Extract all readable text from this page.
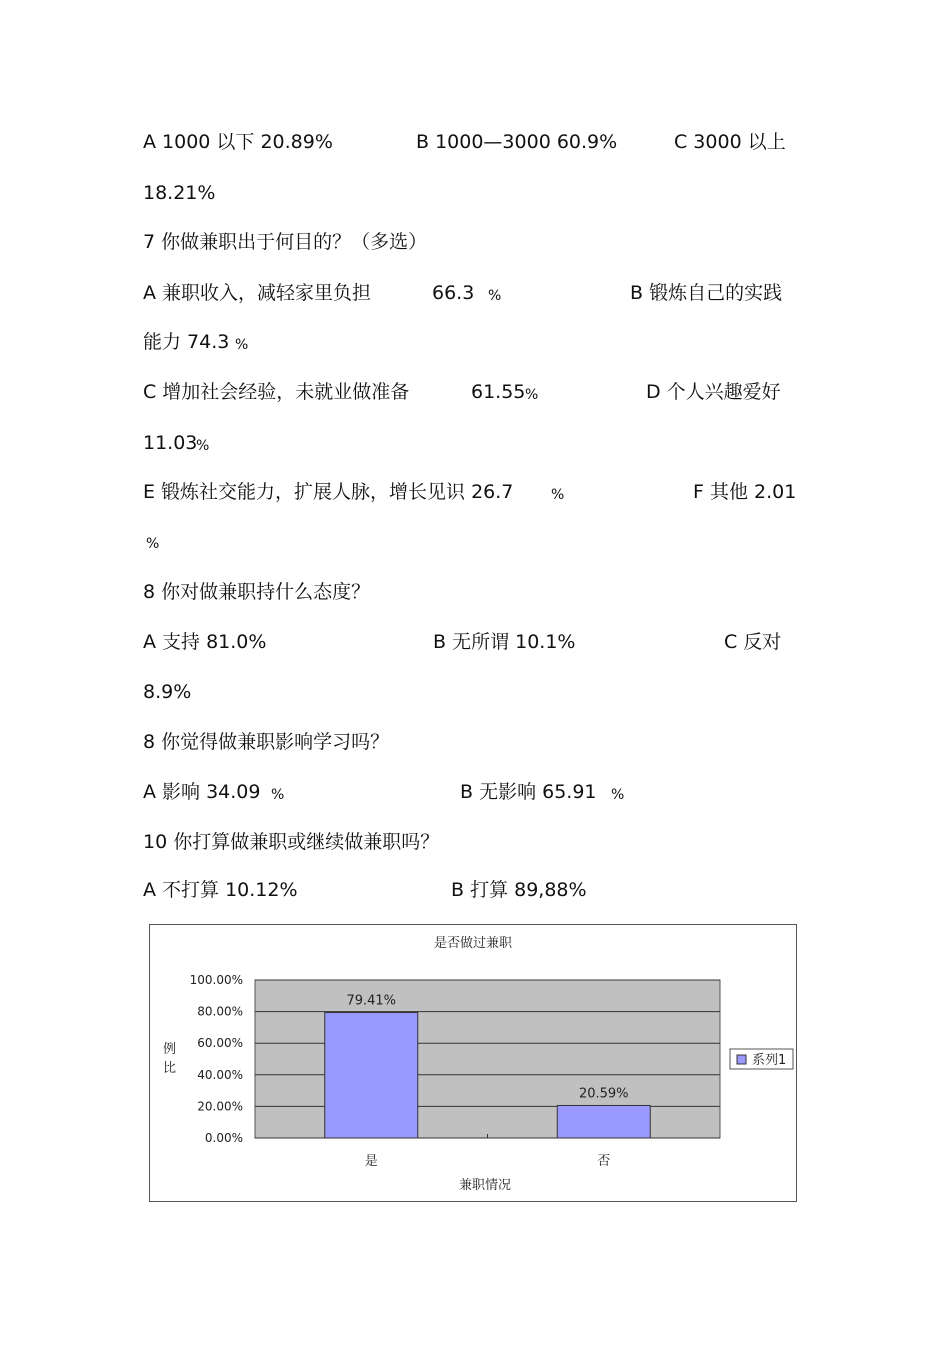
A 1000 以下 20.89%	B 1000—3000 60.9%	C 3000 以上
18.21%
7 你做兼职出于何目的？（多选）
A 兼职收入，减轻家里负担	66.3 %	B 锻炼自己的实践
能力 74.3 %
C 增加社会经验，未就业做准备	61.55 %	D 个人兴趣爱好
11.03
%
E 锻炼社交能力，扩展人脉，增长见识 26.7	%	F 其他 2.01
%
8 你对做兼职持什么态度？
A 支持 81.0%	B 无所谓 10.1%	C 反对
8.9%
8 你觉得做兼职影响学习吗？
A 影响 34.09 %	B 无影响 65.91 %
10 你打算做兼职或继续做兼职吗？
A 不打算 10.12%	B 打算 89,88%
是否做过兼职
100.00%
80.00%
60.00%
40.00%
20.00%
0.00%
79.41%
20.59%
是	否
例 比
兼职情况
系列1
